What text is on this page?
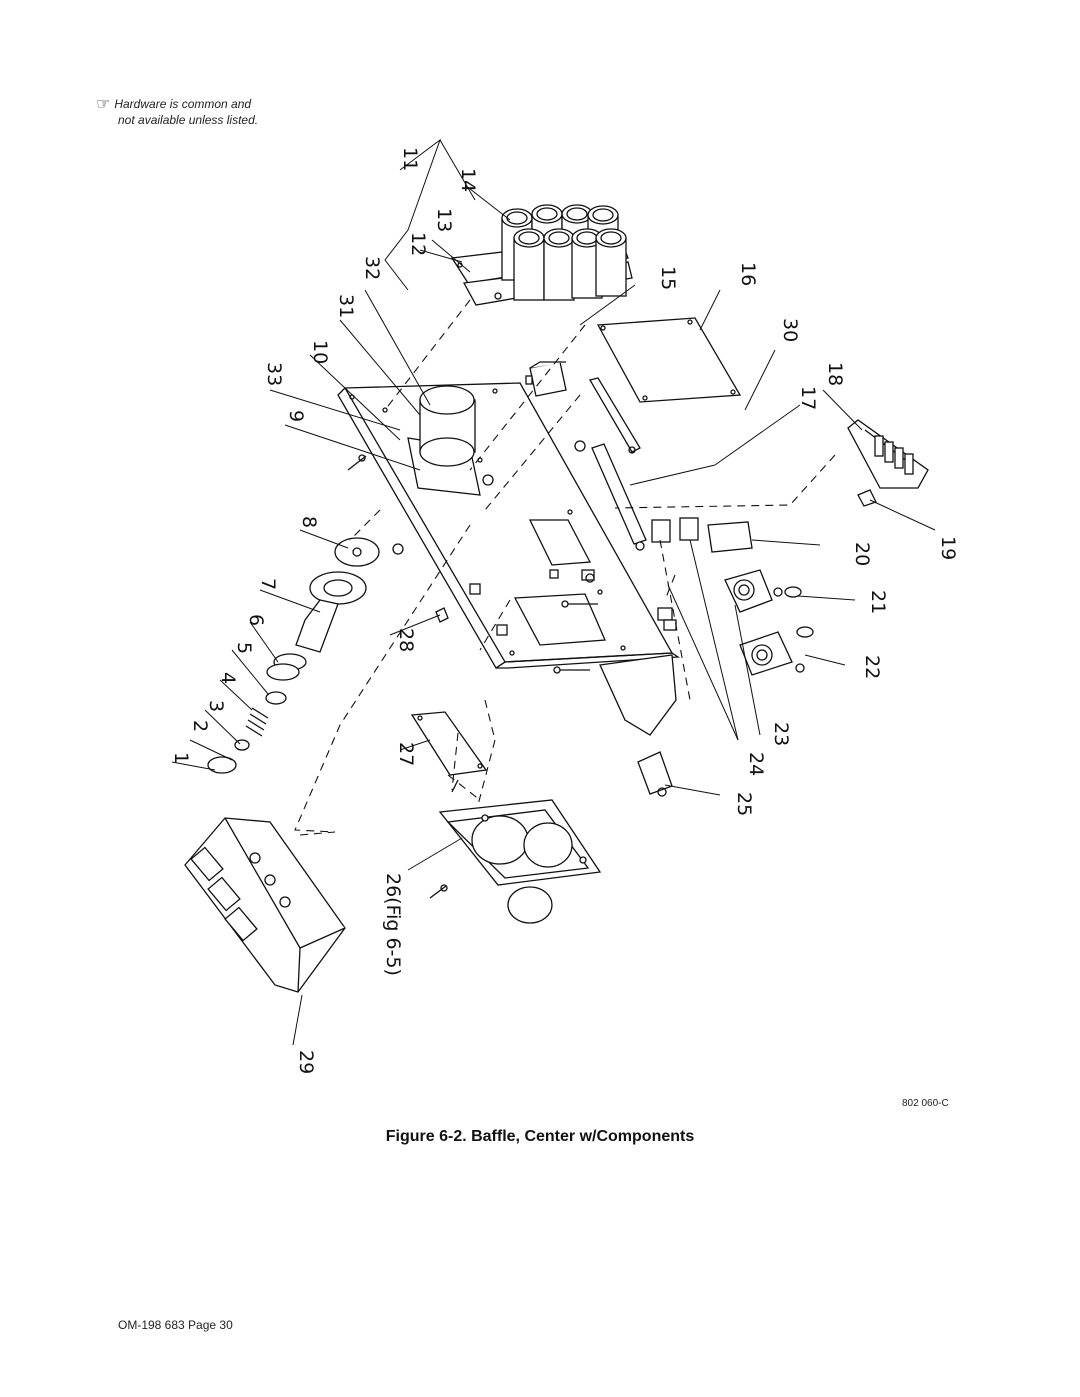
☞ Hardware is common and
not available unless listed.
1
2
3
4
5
6
7
8
9
10
11
12
13
14
15	16
17
18
19
20
21
22
23
24
25
27
28
29
30
31
32
33
26(Fig 6-5)
802 060-C
Figure 6-2. Baffle, Center w/Components
OM-198 683 Page 30
